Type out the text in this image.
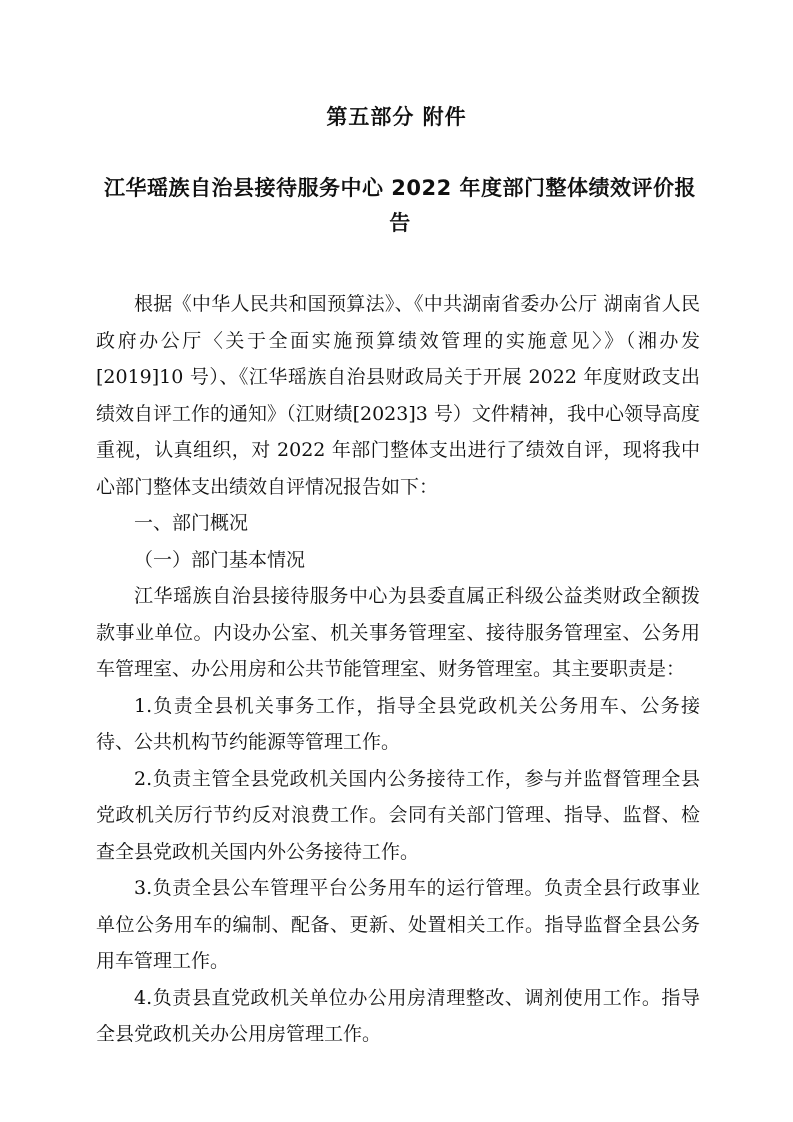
第五部分 附件
江华瑶族自治县接待服务中心 2022 年度部门整体绩效评价报告

根据《中华人民共和国预算法》、《中共湖南省委办公厅 湖南省人民政府办公厅〈关于全面实施预算绩效管理的实施意见〉》（湘办发[2019]10 号）、《江华瑶族自治县财政局关于开展 2022 年度财政支出绩效自评工作的通知》（江财绩[2023]3 号）文件精神，我中心领导高度重视，认真组织，对 2022 年部门整体支出进行了绩效自评，现将我中心部门整体支出绩效自评情况报告如下：

一、部门概况

（一）部门基本情况

江华瑶族自治县接待服务中心为县委直属正科级公益类财政全额拨款事业单位。内设办公室、机关事务管理室、接待服务管理室、公务用车管理室、办公用房和公共节能管理室、财务管理室。其主要职责是：

1.负责全县机关事务工作，指导全县党政机关公务用车、公务接待、公共机构节约能源等管理工作。

2.负责主管全县党政机关国内公务接待工作，参与并监督管理全县党政机关厉行节约反对浪费工作。会同有关部门管理、指导、监督、检查全县党政机关国内外公务接待工作。

3.负责全县公车管理平台公务用车的运行管理。负责全县行政事业单位公务用车的编制、配备、更新、处置相关工作。指导监督全县公务用车管理工作。

4.负责县直党政机关单位办公用房清理整改、调剂使用工作。指导全县党政机关办公用房管理工作。
